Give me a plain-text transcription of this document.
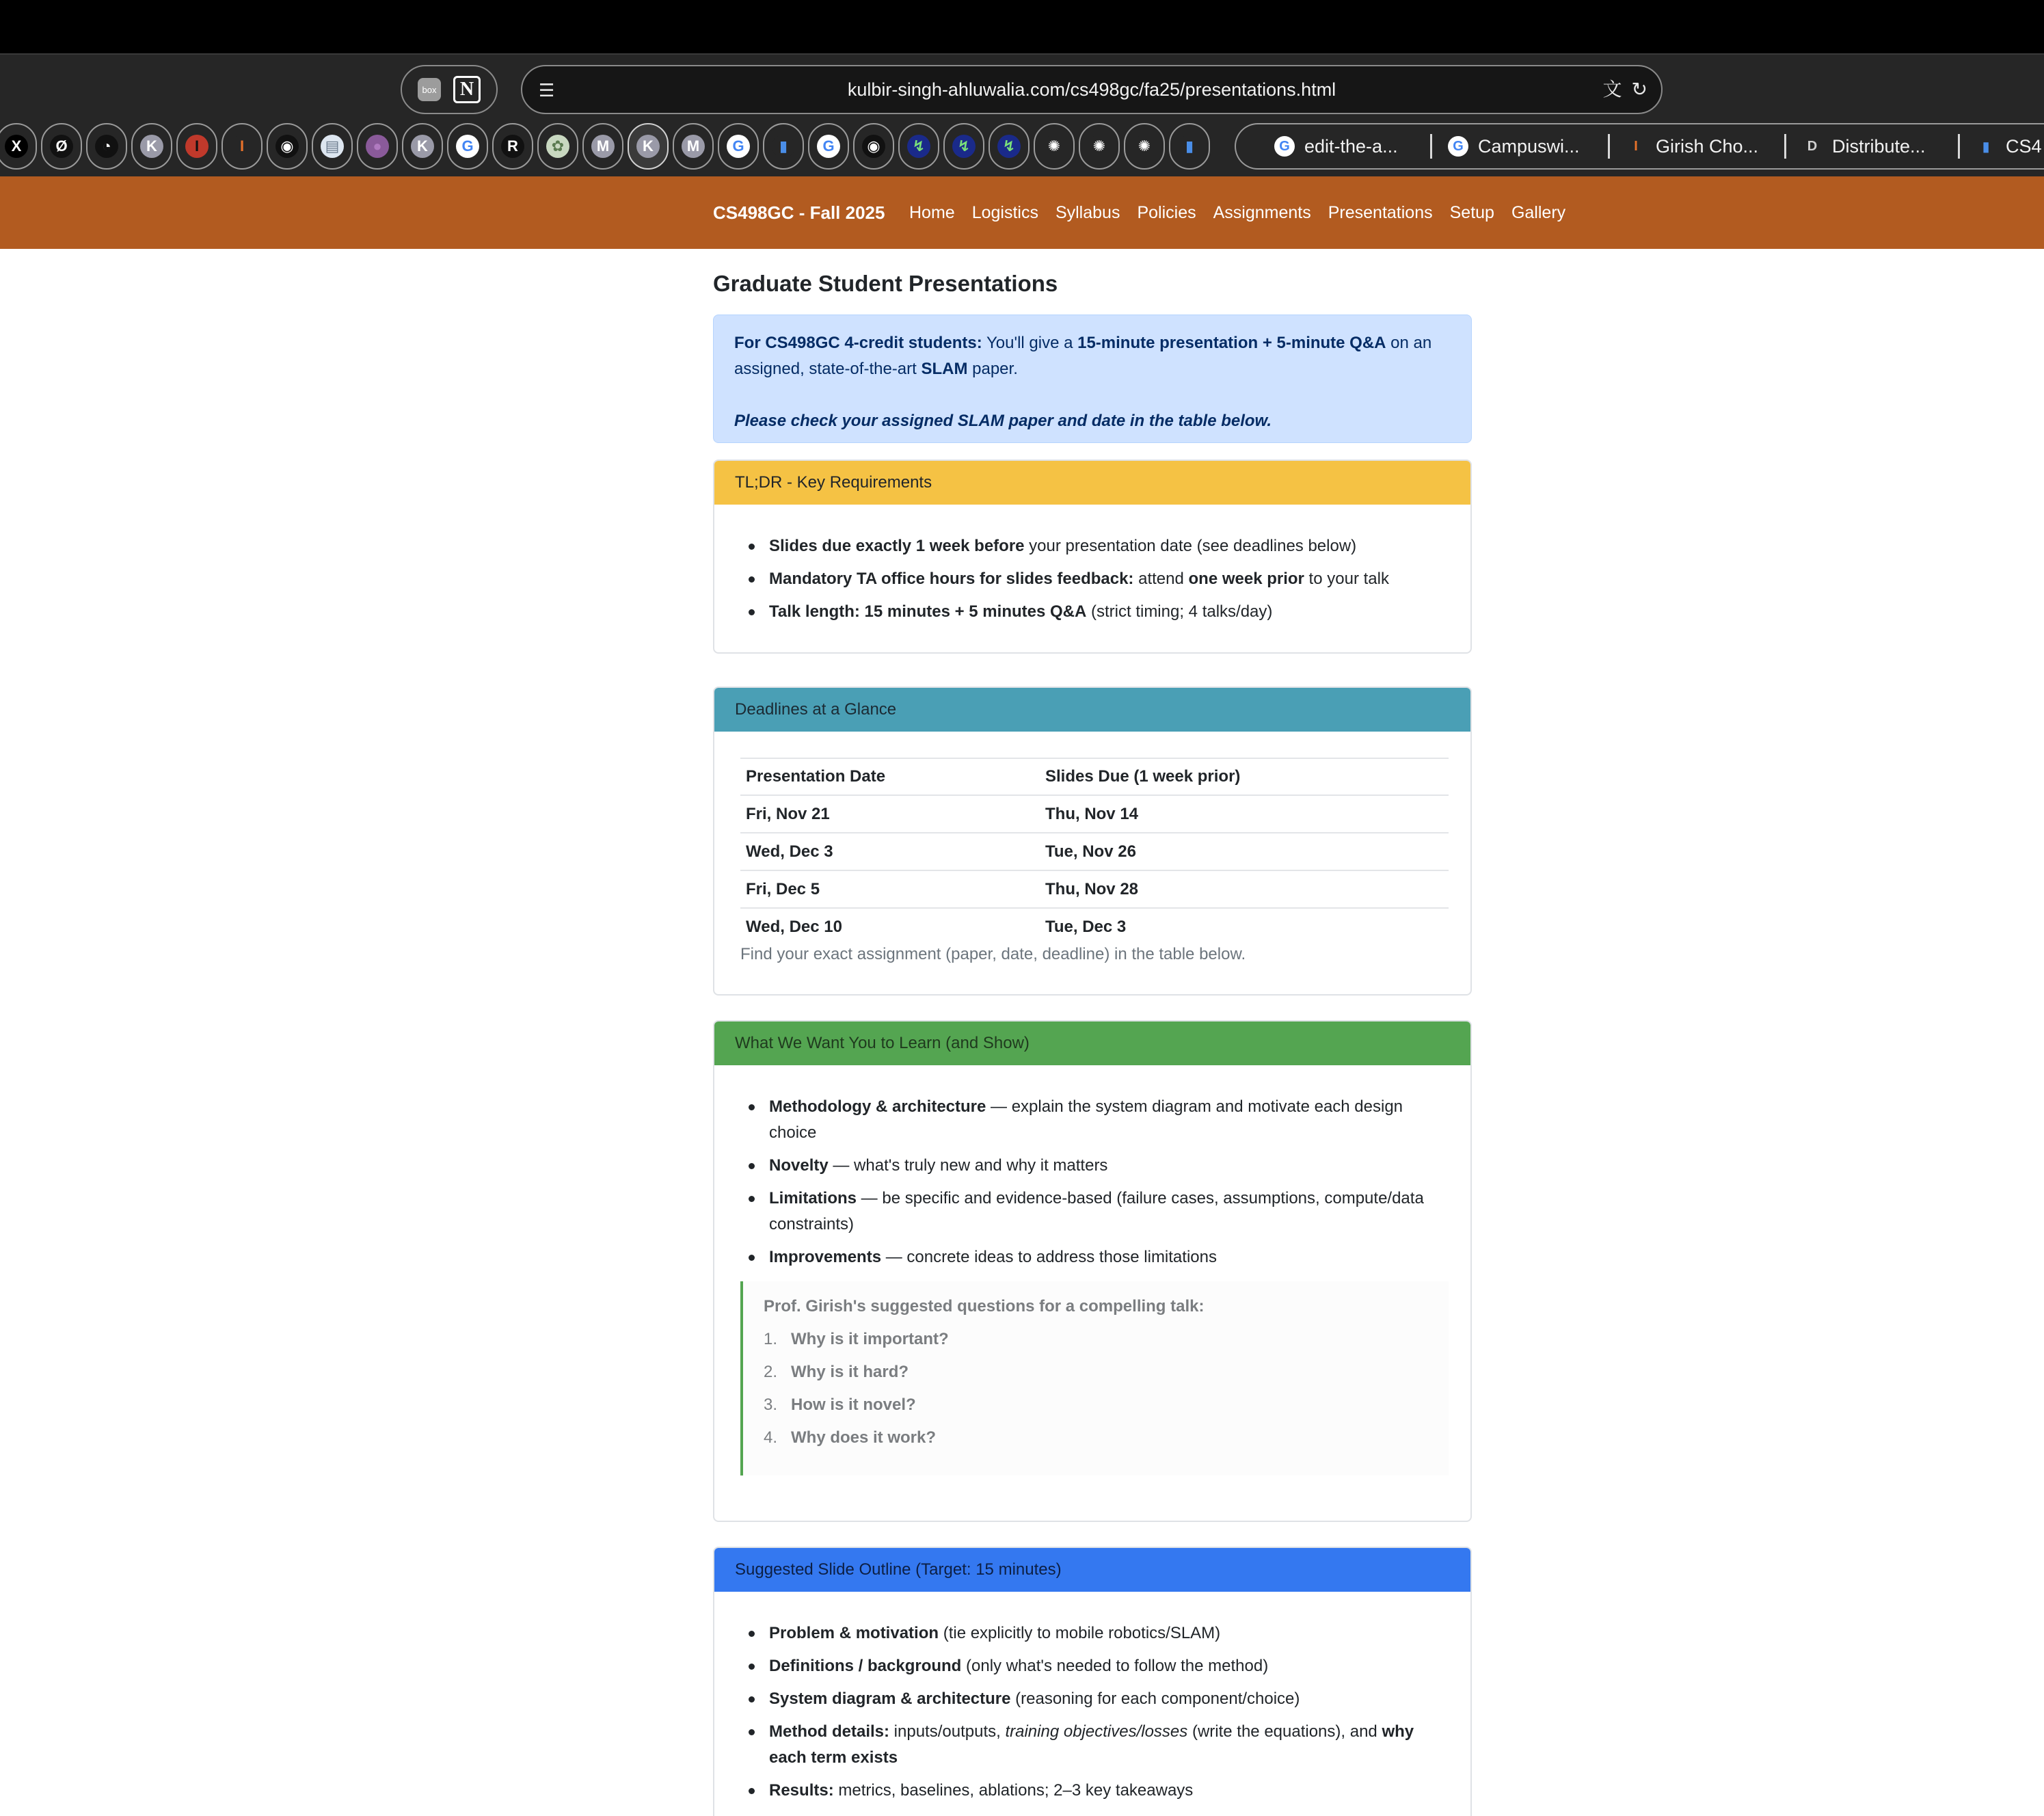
box	N	☰	kulbir-singh-ahluwalia.com/cs498gc/fa25/presentations.html	文 ↻
X	Ø	◔	K	I	I	◉	▤	●	K	G	R	✿	M	K	M	G	▮	G	◉	↯	↯	↯	✺	✺	✺	▮	G edit-the-a...	G Campuswi...	I Girish Cho...	D Distribute...	▮ CS4
CS498GC - Fall 2025 Home Logistics Syllabus Policies Assignments Presentations Setup Gallery
Graduate Student Presentations
For CS498GC 4-credit students: You'll give a 15-minute presentation + 5-minute Q&A on an assigned, state-of-the-art SLAM paper.
Please check your assigned SLAM paper and date in the table below.
TL;DR - Key Requirements
Slides due exactly 1 week before your presentation date (see deadlines below)
Mandatory TA office hours for slides feedback: attend one week prior to your talk
Talk length: 15 minutes + 5 minutes Q&A (strict timing; 4 talks/day)
Deadlines at a Glance
Presentation Date	Slides Due (1 week prior)
Fri, Nov 21	Thu, Nov 14
Wed, Dec 3	Tue, Nov 26
Fri, Dec 5	Thu, Nov 28
Wed, Dec 10	Tue, Dec 3
Find your exact assignment (paper, date, deadline) in the table below.
What We Want You to Learn (and Show)
Methodology & architecture — explain the system diagram and motivate each design choice
Novelty — what's truly new and why it matters
Limitations — be specific and evidence-based (failure cases, assumptions, compute/data constraints)
Improvements — concrete ideas to address those limitations
Prof. Girish's suggested questions for a compelling talk:
1. Why is it important?
2. Why is it hard?
3. How is it novel?
4. Why does it work?
Suggested Slide Outline (Target: 15 minutes)
Problem & motivation (tie explicitly to mobile robotics/SLAM)
Definitions / background (only what's needed to follow the method)
System diagram & architecture (reasoning for each component/choice)
Method details: inputs/outputs, training objectives/losses (write the equations), and why each term exists
Results: metrics, baselines, ablations; 2–3 key takeaways
